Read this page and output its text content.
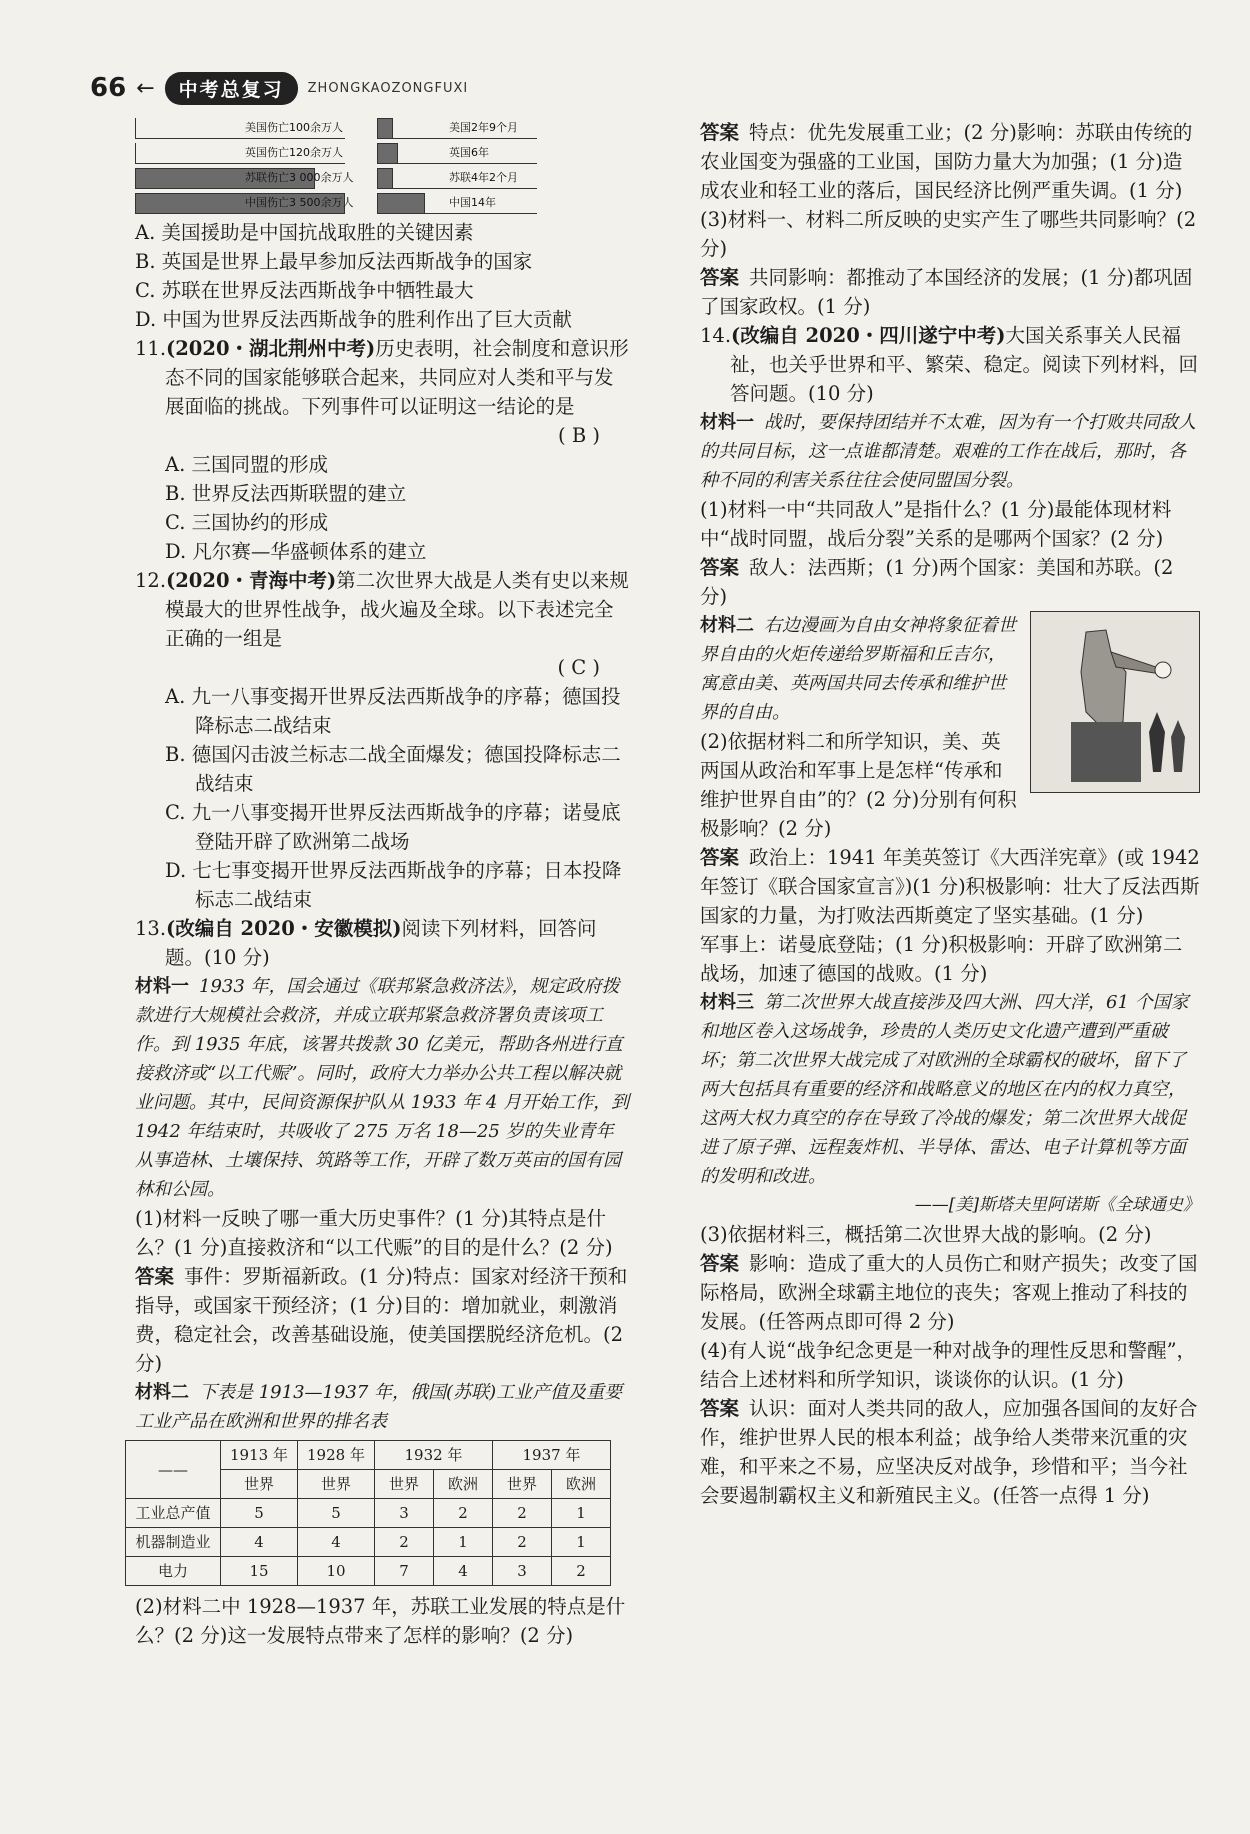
66 ←	中考总复习	ZHONGKAOZONGFUXI
美国伤亡100余万人
英国伤亡120余万人
苏联伤亡3 000余万人
中国伤亡3 500余万人
美国2年9个月
英国6年
苏联4年2个月
中国14年

A. 美国援助是中国抗战取胜的关键因素

B. 英国是世界上最早参加反法西斯战争的国家

C. 苏联在世界反法西斯战争中牺牲最大

D. 中国为世界反法西斯战争的胜利作出了巨大贡献

11.(2020・湖北荆州中考)历史表明，社会制度和意识形态不同的国家能够联合起来，共同应对人类和平与发展面临的挑战。下列事件可以证明这一结论的是

( B )

A. 三国同盟的形成

B. 世界反法西斯联盟的建立

C. 三国协约的形成

D. 凡尔赛—华盛顿体系的建立

12.(2020・青海中考)第二次世界大战是人类有史以来规模最大的世界性战争，战火遍及全球。以下表述完全正确的一组是

( C )

A. 九一八事变揭开世界反法西斯战争的序幕；德国投降标志二战结束

B. 德国闪击波兰标志二战全面爆发；德国投降标志二战结束

C. 九一八事变揭开世界反法西斯战争的序幕；诺曼底登陆开辟了欧洲第二战场

D. 七七事变揭开世界反法西斯战争的序幕；日本投降标志二战结束

13.(改编自 2020・安徽模拟)阅读下列材料，回答问题。(10 分)

材料一 1933 年，国会通过《联邦紧急救济法》，规定政府拨款进行大规模社会救济，并成立联邦紧急救济署负责该项工作。到 1935 年底，该署共拨款 30 亿美元，帮助各州进行直接救济或“以工代赈”。同时，政府大力举办公共工程以解决就业问题。其中，民间资源保护队从 1933 年 4 月开始工作，到 1942 年结束时，共吸收了 275 万名 18—25 岁的失业青年从事造林、土壤保持、筑路等工作，开辟了数万英亩的国有园林和公园。

(1)材料一反映了哪一重大历史事件？(1 分)其特点是什么？(1 分)直接救济和“以工代赈”的目的是什么？(2 分)

答案 事件：罗斯福新政。(1 分)特点：国家对经济干预和指导，或国家干预经济；(1 分)目的：增加就业，刺激消费，稳定社会，改善基础设施，使美国摆脱经济危机。(2 分)

材料二 下表是 1913—1937 年，俄国(苏联)工业产值及重要工业产品在欧洲和世界的排名表

——	1913 年	1928 年	1932 年		1937 年	
	世界	世界	世界	欧洲	世界	欧洲
工业总产值	5	5	3	2	2	1
机器制造业	4	4	2	1	2	1
电力	15	10	7	4	3	2

(2)材料二中 1928—1937 年，苏联工业发展的特点是什么？(2 分)这一发展特点带来了怎样的影响？(2 分)

答案 特点：优先发展重工业；(2 分)影响：苏联由传统的农业国变为强盛的工业国，国防力量大为加强；(1 分)造成农业和轻工业的落后，国民经济比例严重失调。(1 分)

(3)材料一、材料二所反映的史实产生了哪些共同影响？(2 分)

答案 共同影响：都推动了本国经济的发展；(1 分)都巩固了国家政权。(1 分)

14.(改编自 2020・四川遂宁中考)大国关系事关人民福祉，也关乎世界和平、繁荣、稳定。阅读下列材料，回答问题。(10 分)

材料一 战时，要保持团结并不太难，因为有一个打败共同敌人的共同目标，这一点谁都清楚。艰难的工作在战后，那时，各种不同的利害关系往往会使同盟国分裂。

(1)材料一中“共同敌人”是指什么？(1 分)最能体现材料中“战时同盟，战后分裂”关系的是哪两个国家？(2 分)

答案 敌人：法西斯；(1 分)两个国家：美国和苏联。(2 分)

材料二 右边漫画为自由女神将象征着世界自由的火炬传递给罗斯福和丘吉尔，寓意由美、英两国共同去传承和维护世界的自由。

(2)依据材料二和所学知识，美、英两国从政治和军事上是怎样“传承和维护世界自由”的？(2 分)分别有何积极影响？(2 分)

答案 政治上：1941 年美英签订《大西洋宪章》(或 1942 年签订《联合国家宣言》)(1 分)积极影响：壮大了反法西斯国家的力量，为打败法西斯奠定了坚实基础。(1 分)

军事上：诺曼底登陆；(1 分)积极影响：开辟了欧洲第二战场，加速了德国的战败。(1 分)

材料三 第二次世界大战直接涉及四大洲、四大洋，61 个国家和地区卷入这场战争，珍贵的人类历史文化遗产遭到严重破坏；第二次世界大战完成了对欧洲的全球霸权的破坏，留下了两大包括具有重要的经济和战略意义的地区在内的权力真空，这两大权力真空的存在导致了冷战的爆发；第二次世界大战促进了原子弹、远程轰炸机、半导体、雷达、电子计算机等方面的发明和改进。

——[美]斯塔夫里阿诺斯《全球通史》

(3)依据材料三，概括第二次世界大战的影响。(2 分)

答案 影响：造成了重大的人员伤亡和财产损失；改变了国际格局，欧洲全球霸主地位的丧失；客观上推动了科技的发展。(任答两点即可得 2 分)

(4)有人说“战争纪念更是一种对战争的理性反思和警醒”，结合上述材料和所学知识，谈谈你的认识。(1 分)

答案 认识：面对人类共同的敌人，应加强各国间的友好合作，维护世界人民的根本利益；战争给人类带来沉重的灾难，和平来之不易，应坚决反对战争，珍惜和平；当今社会要遏制霸权主义和新殖民主义。(任答一点得 1 分)
